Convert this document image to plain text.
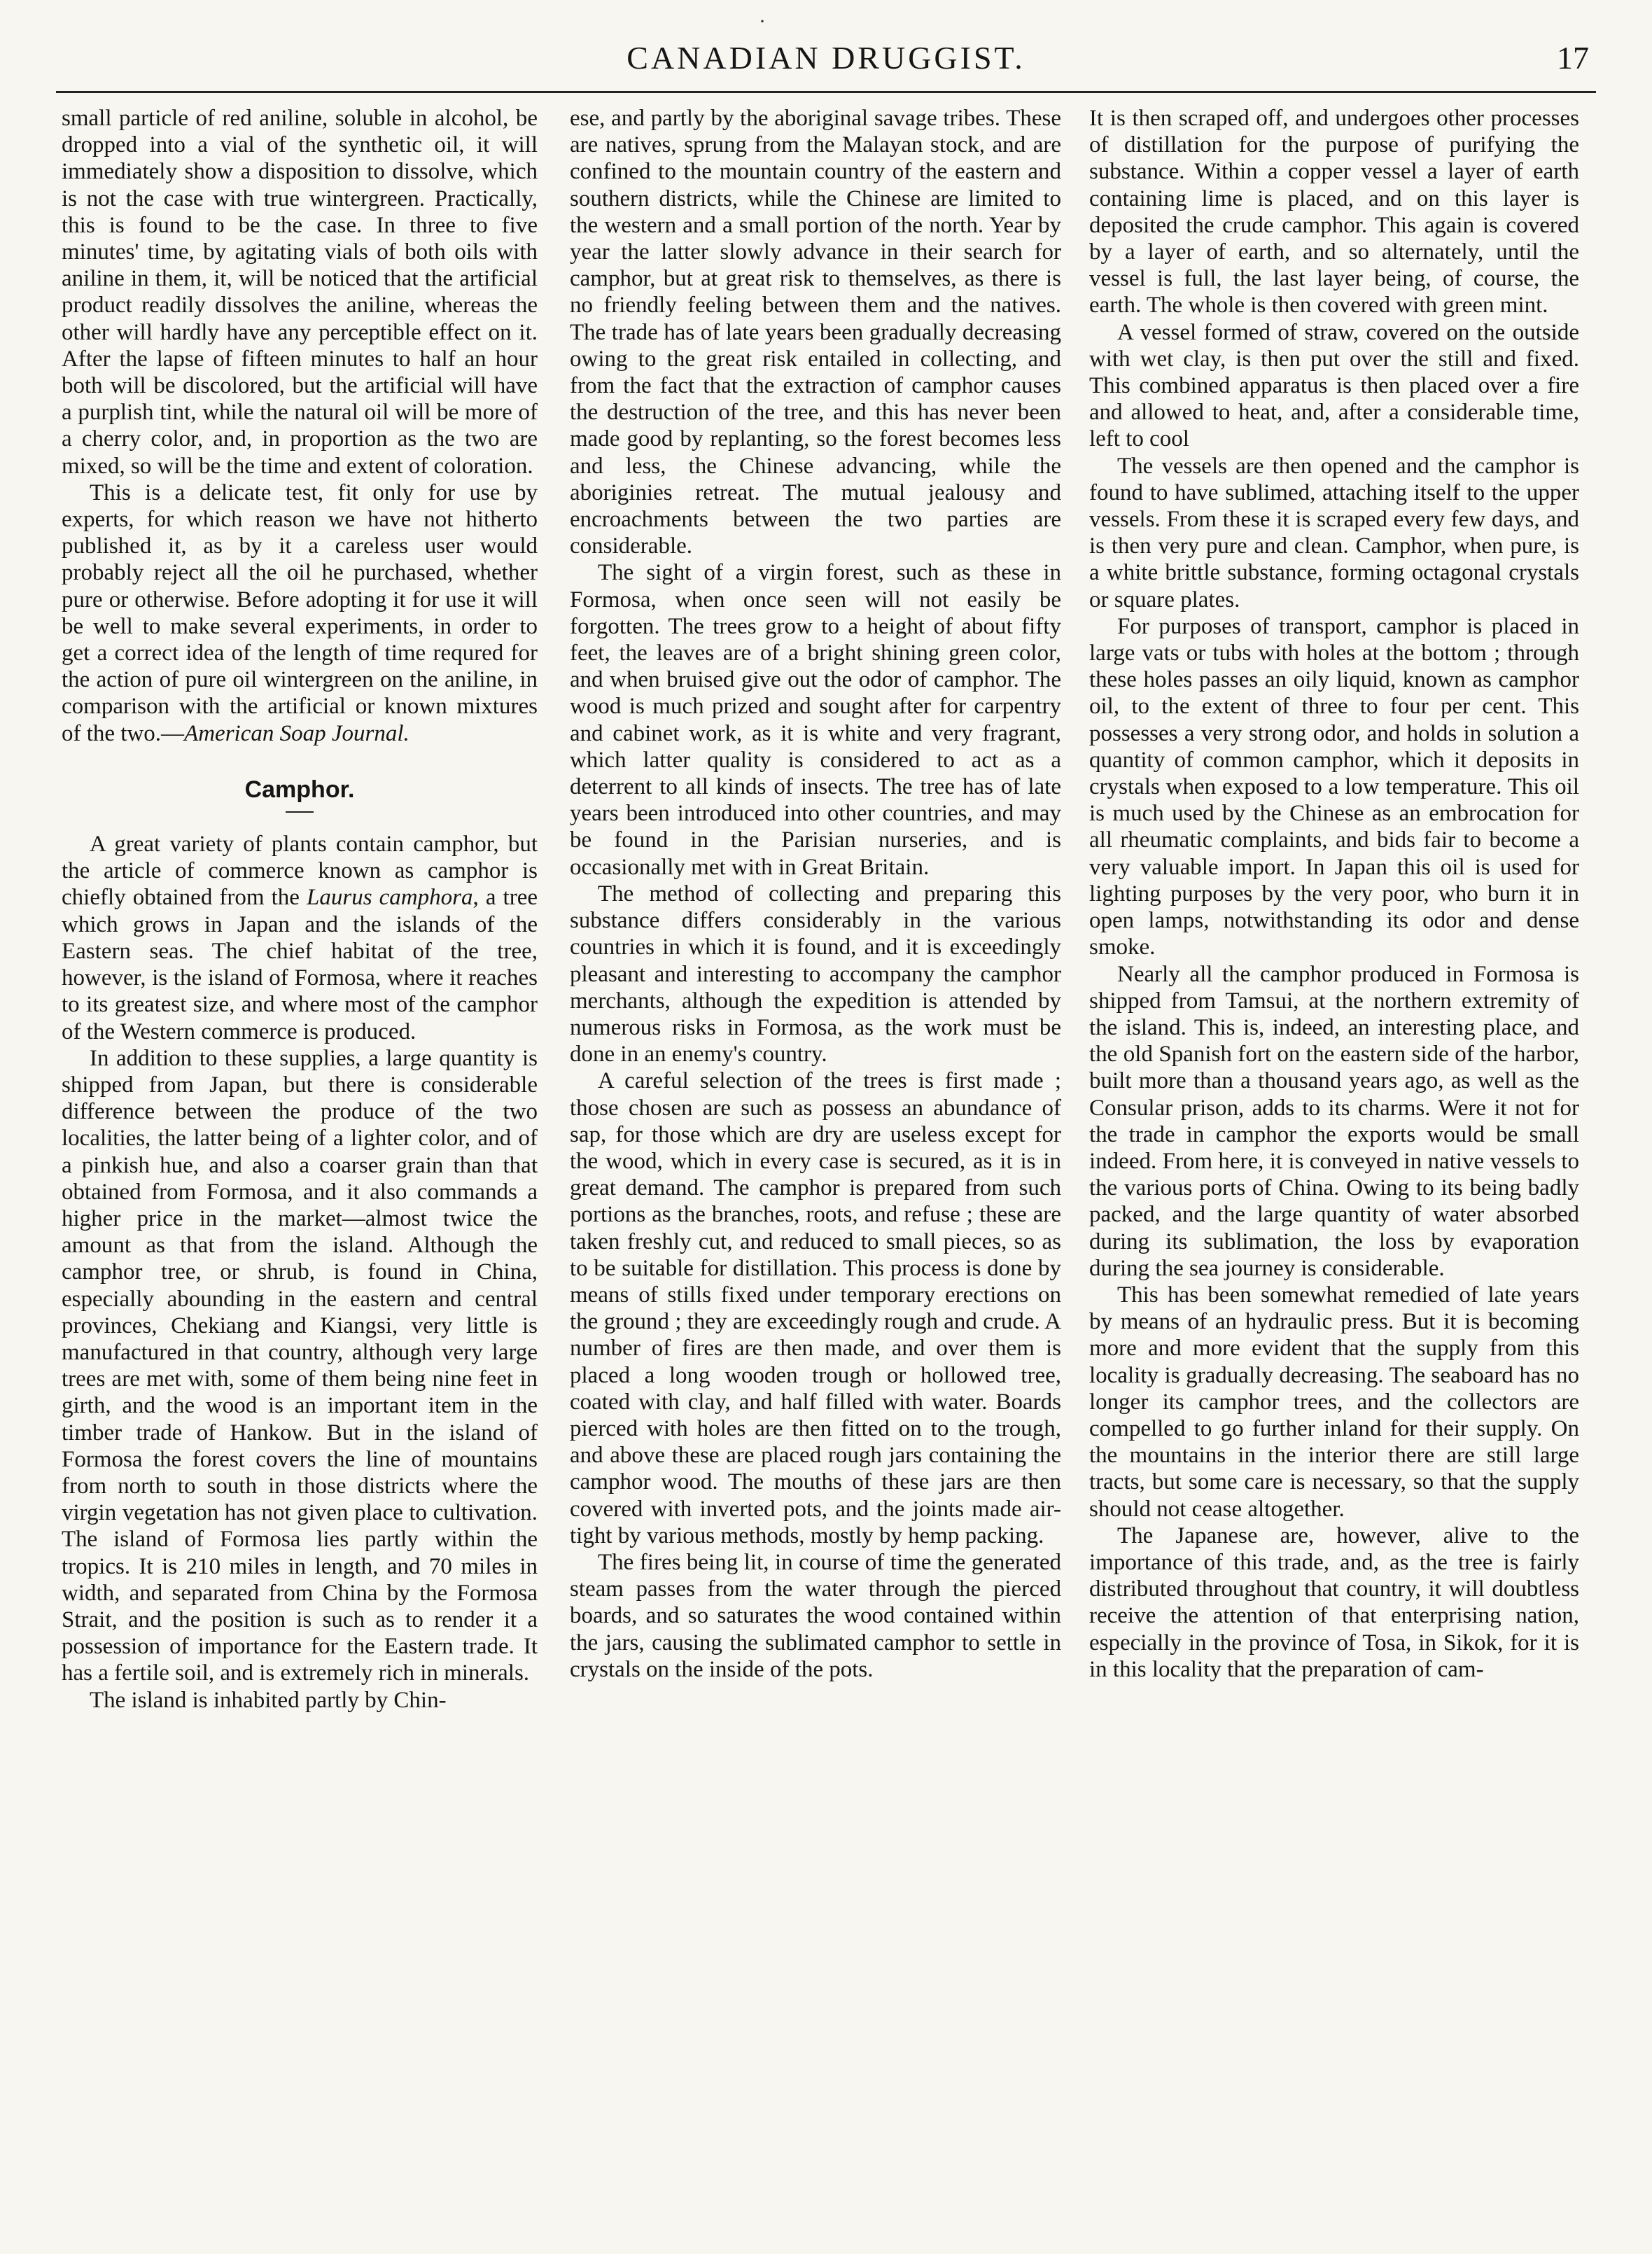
CANADIAN DRUGGIST.	17
·

small particle of red aniline, soluble in alcohol, be dropped into a vial of the synthetic oil, it will immediately show a disposition to dissolve, which is not the case with true wintergreen. Practically, this is found to be the case. In three to five minutes' time, by agitating vials of both oils with aniline in them, it, will be noticed that the artificial product readily dissolves the aniline, whereas the other will hardly have any perceptible effect on it. After the lapse of fifteen minutes to half an hour both will be discolored, but the artificial will have a purplish tint, while the natural oil will be more of a cherry color, and, in proportion as the two are mixed, so will be the time and extent of coloration.

This is a delicate test, fit only for use by experts, for which reason we have not hitherto published it, as by it a careless user would probably reject all the oil he purchased, whether pure or otherwise. Before adopting it for use it will be well to make several experiments, in order to get a correct idea of the length of time requred for the action of pure oil wintergreen on the aniline, in comparison with the artificial or known mixtures of the two.—American Soap Journal.

Camphor.

A great variety of plants contain camphor, but the article of commerce known as camphor is chiefly obtained from the Laurus camphora, a tree which grows in Japan and the islands of the Eastern seas. The chief habitat of the tree, however, is the island of Formosa, where it reaches to its greatest size, and where most of the camphor of the Western commerce is produced.

In addition to these supplies, a large quantity is shipped from Japan, but there is considerable difference between the produce of the two localities, the latter being of a lighter color, and of a pinkish hue, and also a coarser grain than that obtained from Formosa, and it also commands a higher price in the market—almost twice the amount as that from the island. Although the camphor tree, or shrub, is found in China, especially abounding in the eastern and central provinces, Chekiang and Kiangsi, very little is manufactured in that country, although very large trees are met with, some of them being nine feet in girth, and the wood is an important item in the timber trade of Hankow. But in the island of Formosa the forest covers the line of mountains from north to south in those districts where the virgin vegetation has not given place to cultivation. The island of Formosa lies partly within the tropics. It is 210 miles in length, and 70 miles in width, and separated from China by the Formosa Strait, and the position is such as to render it a possession of importance for the Eastern trade. It has a fertile soil, and is extremely rich in minerals.

The island is inhabited partly by Chin-

ese, and partly by the aboriginal savage tribes. These are natives, sprung from the Malayan stock, and are confined to the mountain country of the eastern and southern districts, while the Chinese are limited to the western and a small portion of the north. Year by year the latter slowly advance in their search for camphor, but at great risk to themselves, as there is no friendly feeling between them and the natives. The trade has of late years been gradually decreasing owing to the great risk entailed in collecting, and from the fact that the extraction of camphor causes the destruction of the tree, and this has never been made good by replanting, so the forest becomes less and less, the Chinese advancing, while the aboriginies retreat. The mutual jealousy and encroachments between the two parties are considerable.

The sight of a virgin forest, such as these in Formosa, when once seen will not easily be forgotten. The trees grow to a height of about fifty feet, the leaves are of a bright shining green color, and when bruised give out the odor of camphor. The wood is much prized and sought after for carpentry and cabinet work, as it is white and very fragrant, which latter quality is considered to act as a deterrent to all kinds of insects. The tree has of late years been introduced into other countries, and may be found in the Parisian nurseries, and is occasionally met with in Great Britain.

The method of collecting and preparing this substance differs considerably in the various countries in which it is found, and it is exceedingly pleasant and interesting to accompany the camphor merchants, although the expedition is attended by numerous risks in Formosa, as the work must be done in an enemy's country.

A careful selection of the trees is first made ; those chosen are such as possess an abundance of sap, for those which are dry are useless except for the wood, which in every case is secured, as it is in great demand. The camphor is prepared from such portions as the branches, roots, and refuse ; these are taken freshly cut, and reduced to small pieces, so as to be suitable for distillation. This process is done by means of stills fixed under temporary erections on the ground ; they are exceedingly rough and crude. A number of fires are then made, and over them is placed a long wooden trough or hollowed tree, coated with clay, and half filled with water. Boards pierced with holes are then fitted on to the trough, and above these are placed rough jars containing the camphor wood. The mouths of these jars are then covered with inverted pots, and the joints made air-tight by various methods, mostly by hemp packing.

The fires being lit, in course of time the generated steam passes from the water through the pierced boards, and so saturates the wood contained within the jars, causing the sublimated camphor to settle in crystals on the inside of the pots.

It is then scraped off, and undergoes other processes of distillation for the purpose of purifying the substance. Within a copper vessel a layer of earth containing lime is placed, and on this layer is deposited the crude camphor. This again is covered by a layer of earth, and so alternately, until the vessel is full, the last layer being, of course, the earth. The whole is then covered with green mint.

A vessel formed of straw, covered on the outside with wet clay, is then put over the still and fixed. This combined apparatus is then placed over a fire and allowed to heat, and, after a considerable time, left to cool

The vessels are then opened and the camphor is found to have sublimed, attaching itself to the upper vessels. From these it is scraped every few days, and is then very pure and clean. Camphor, when pure, is a white brittle substance, forming octagonal crystals or square plates.

For purposes of transport, camphor is placed in large vats or tubs with holes at the bottom ; through these holes passes an oily liquid, known as camphor oil, to the extent of three to four per cent. This possesses a very strong odor, and holds in solution a quantity of common camphor, which it deposits in crystals when exposed to a low temperature. This oil is much used by the Chinese as an embrocation for all rheumatic complaints, and bids fair to become a very valuable import. In Japan this oil is used for lighting purposes by the very poor, who burn it in open lamps, notwithstanding its odor and dense smoke.

Nearly all the camphor produced in Formosa is shipped from Tamsui, at the northern extremity of the island. This is, indeed, an interesting place, and the old Spanish fort on the eastern side of the harbor, built more than a thousand years ago, as well as the Consular prison, adds to its charms. Were it not for the trade in camphor the exports would be small indeed. From here, it is conveyed in native vessels to the various ports of China. Owing to its being badly packed, and the large quantity of water absorbed during its sublimation, the loss by evaporation during the sea journey is considerable.

This has been somewhat remedied of late years by means of an hydraulic press. But it is becoming more and more evident that the supply from this locality is gradually decreasing. The seaboard has no longer its camphor trees, and the collectors are compelled to go further inland for their supply. On the mountains in the interior there are still large tracts, but some care is necessary, so that the supply should not cease altogether.

The Japanese are, however, alive to the importance of this trade, and, as the tree is fairly distributed throughout that country, it will doubtless receive the attention of that enterprising nation, especially in the province of Tosa, in Sikok, for it is in this locality that the preparation of cam-
